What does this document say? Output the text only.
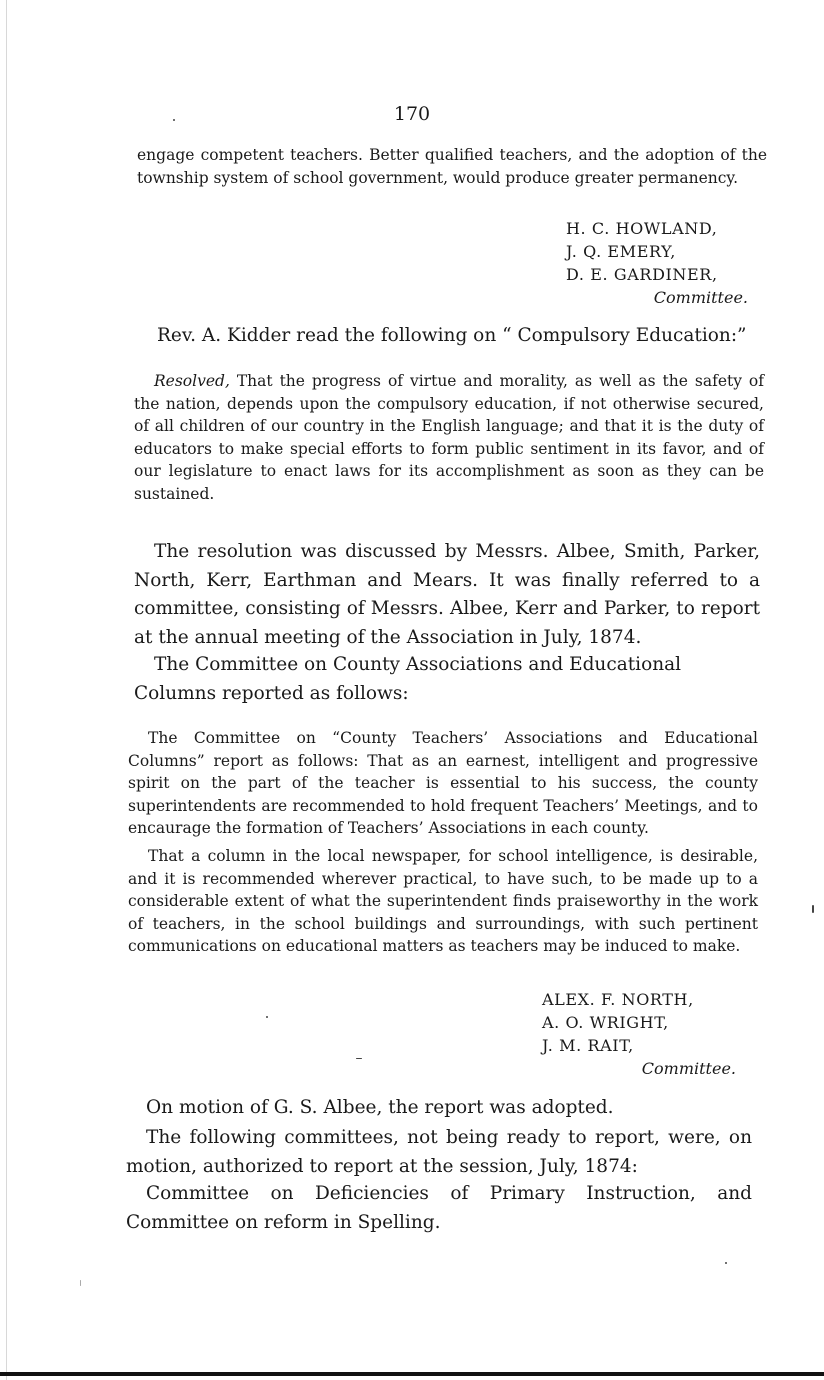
170
engage competent teachers. Better qualified teachers, and the adoption of the township system of school government, would produce greater permanency.
H. C. HOWLAND,
J. Q. EMERY,
D. E. GARDINER,
Committee.
Rev. A. Kidder read the following on “ Compulsory Education:”
Resolved, That the progress of virtue and morality, as well as the safety of the nation, depends upon the compulsory education, if not otherwise secured, of all children of our country in the English language; and that it is the duty of educators to make special efforts to form public sentiment in its favor, and of our legislature to enact laws for its accomplishment as soon as they can be sustained.
The resolution was discussed by Messrs. Albee, Smith, Parker, North, Kerr, Earthman and Mears. It was finally referred to a committee, consisting of Messrs. Albee, Kerr and Parker, to report at the annual meeting of the Association in July, 1874.
The Committee on County Associations and Educational Columns reported as follows:
The Committee on “County Teachers’ Associations and Educational Columns” report as follows: That as an earnest, intelligent and progressive spirit on the part of the teacher is essential to his success, the county superintendents are recommended to hold frequent Teachers’ Meetings, and to encaurage the formation of Teachers’ Associations in each county.
That a column in the local newspaper, for school intelligence, is desirable, and it is recommended wherever practical, to have such, to be made up to a considerable extent of what the superintendent finds praiseworthy in the work of teachers, in the school buildings and surroundings, with such pertinent communications on educational matters as teachers may be induced to make.
ALEX. F. NORTH,
A. O. WRIGHT,
J. M. RAIT,
Committee.
On motion of G. S. Albee, the report was adopted.
The following committees, not being ready to report, were, on motion, authorized to report at the session, July, 1874:
Committee on Deficiencies of Primary Instruction, and Committee on reform in Spelling.
